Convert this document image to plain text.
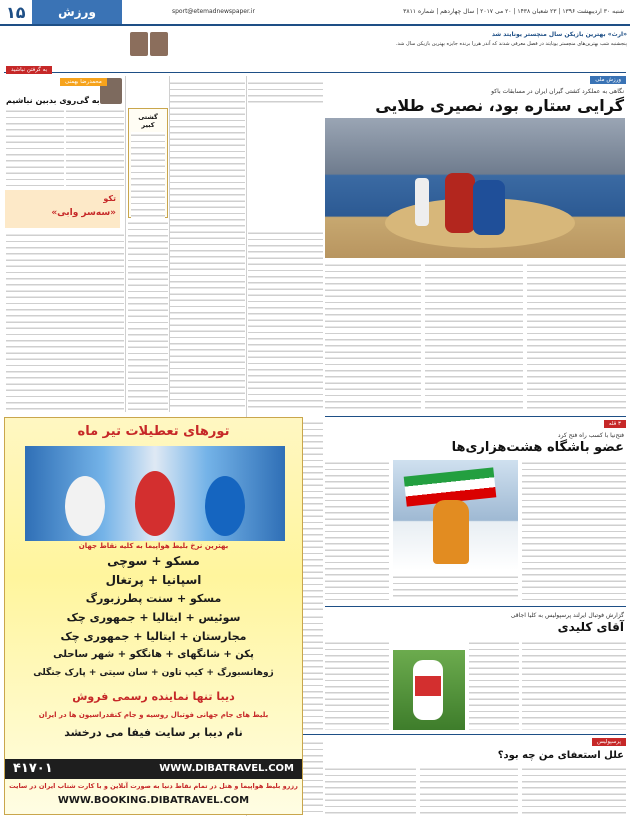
۱۵	ورزش	sport@etemadnewspaper.ir	شنبه ۳۰ اردیبهشت ۱۳۹۶ | ۲۳ شعبان ۱۴۳۸ | ۲۰ می ۲۰۱۷ | سال چهاردهم | شماره ۳۸۱۱
«ارث» بهترین بازیکن سال منچستر یونایتد شد
پنجشنبه شب بهترین‌های منچستر یونایتد در فصل معرفی شدند که آندر هررا برنده جایزه بهترین بازیکن سال شد.
ورزش ملی
نگاهی به عملکرد کشتی گیران ایران در مسابقات باکو
گرایی ستاره بود، نصیری طلایی
گشتی کبیر
محمدرضا بهمنی
به گی‌روی بدبین نباشیم
به گرفتن نباشید
تکو
«سه‌سر وابی»
۳ قله
فتح‌نیا با کسب راه فتح کرد
عضو باشگاه هشت‌هزاری‌ها
گزارش فوتبال ایرلند پرسپولیس به کلیا اجاقی
آقای کلیدی
پرسپولیس
علل استعفای من چه بود؟
تورهای تعطیلات تیر ماه
بهترین نرخ بلیط هواپیما به کلیه نقاط جهان
مسکو + سوچی
اسپانیا + پرتغال
مسکو + سنت پطرزبورگ
سوئیس + ایتالیا + جمهوری چک
مجارستان + ایتالیا + جمهوری چک
پکن + شانگهای + هانگکو + شهر ساحلی
ژوهانسبورگ + کیپ تاون + سان سیتی + پارک جنگلی
دیبا تنها نماینده رسمی فروش
بلیط های جام جهانی فوتبال روسیه و جام کنفدراسیون ها در ایران
نام دیبا بر سایت فیفا می درخشد
۴۱۷۰۱	WWW.DIBATRAVEL.COM
رزرو بلیط هواپیما و هتل در تمام نقاط دنیا به صورت آنلاین و با کارت شتاب ایران در سایت
WWW.BOOKING.DIBATRAVEL.COM
